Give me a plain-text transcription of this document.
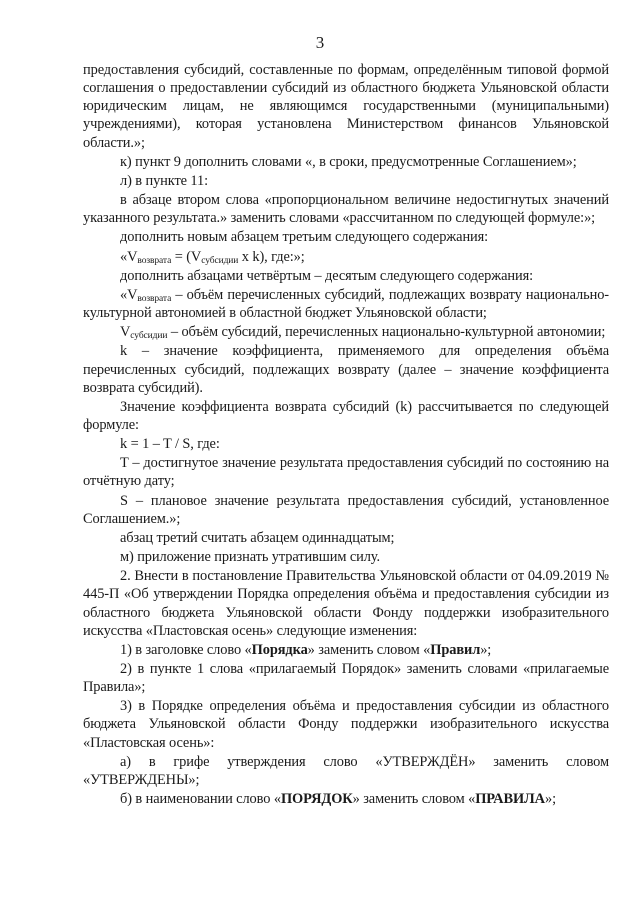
3

предоставления субсидий, составленные по формам, определённым типовой формой соглашения о предоставлении субсидий из областного бюджета Ульяновской области юридическим лицам, не являющимся государственными (муниципальными) учреждениями), которая установлена Министерством финансов Ульяновской области.»;

к) пункт 9 дополнить словами «, в сроки, предусмотренные Соглашением»;

л) в пункте 11:

в абзаце втором слова «пропорциональном величине недостигнутых значений указанного результата.» заменить словами «рассчитанном по следующей формуле:»;

дополнить новым абзацем третьим следующего содержания:

«$V_{возврата} = (V_{субсидии}$ x k), где:»;

дополнить абзацами четвёртым – десятым следующего содержания:

«$V_{возврата}$ – объём перечисленных субсидий, подлежащих возврату национально-культурной автономией в областной бюджет Ульяновской области;

$V_{субсидии}$ – объём субсидий, перечисленных национально-культурной автономии;

k – значение коэффициента, применяемого для определения объёма перечисленных субсидий, подлежащих возврату (далее – значение коэффициента возврата субсидий).

Значение коэффициента возврата субсидий (k) рассчитывается по следующей формуле:

k = 1 – T / S, где:

T – достигнутое значение результата предоставления субсидий по состоянию на отчётную дату;

S – плановое значение результата предоставления субсидий, установленное Соглашением.»;

абзац третий считать абзацем одиннадцатым;

м) приложение признать утратившим силу.

2. Внести в постановление Правительства Ульяновской области от 04.09.2019 № 445-П «Об утверждении Порядка определения объёма и предоставления субсидии из областного бюджета Ульяновской области Фонду поддержки изобразительного искусства «Пластовская осень» следующие изменения:

1) в заголовке слово «Порядка» заменить словом «Правил»;

2) в пункте 1 слова «прилагаемый Порядок» заменить словами «прилагаемые Правила»;

3) в Порядке определения объёма и предоставления субсидии из областного бюджета Ульяновской области Фонду поддержки изобразительного искусства «Пластовская осень»:

а) в грифе утверждения слово «УТВЕРЖДЁН» заменить словом «УТВЕРЖДЕНЫ»;

б) в наименовании слово «ПОРЯДОК» заменить словом «ПРАВИЛА»;
